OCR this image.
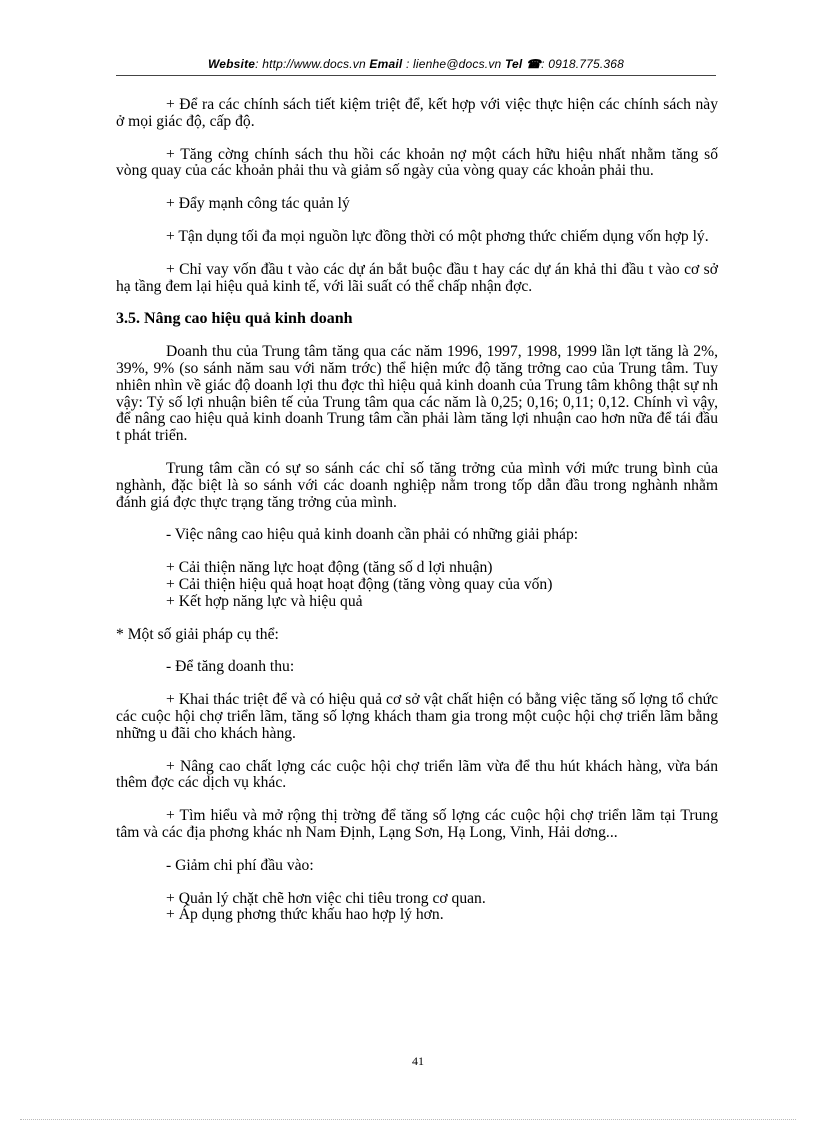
Website: http://www.docs.vn Email : lienhe@docs.vn Tel ☎: 0918.775.368

+ Để ra các chính sách tiết kiệm triệt để, kết hợp với việc thực hiện các chính sách này ở mọi giác độ, cấp độ.

+ Tăng cờng chính sách thu hồi các khoản nợ một cách hữu hiệu nhất nhằm tăng số vòng quay của các khoản phải thu và giảm số ngày của vòng quay các khoản phải thu.

+ Đẩy mạnh công tác quản lý

+ Tận dụng tối đa mọi nguồn lực đồng thời có một phơng thức chiếm dụng vốn hợp lý.

+ Chỉ vay vốn đầu t vào các dự án bắt buộc đầu t hay các dự án khả thi đầu t vào cơ sở hạ tầng đem lại hiệu quả kinh tế, với lãi suất có thể chấp nhận đợc.

3.5. Nâng cao hiệu quả kinh doanh

Doanh thu của Trung tâm tăng qua các năm 1996, 1997, 1998, 1999 lần lợt tăng là 2%, 39%, 9% (so sánh năm sau với năm trớc) thể hiện mức độ tăng trởng cao của Trung tâm. Tuy nhiên nhìn về giác độ doanh lợi thu đợc thì hiệu quả kinh doanh của Trung tâm không thật sự nh vậy: Tỷ số lợi nhuận biên tế của Trung tâm qua các năm là 0,25; 0,16; 0,11; 0,12. Chính vì vậy, để nâng cao hiệu quả kinh doanh Trung tâm cần phải làm tăng lợi nhuận cao hơn nữa để tái đầu t phát triển.

Trung tâm cần có sự so sánh các chỉ số tăng trởng của mình với mức trung bình của nghành, đặc biệt là so sánh với các doanh nghiệp nằm trong tốp dẫn đầu trong nghành nhằm đánh giá đợc thực trạng tăng trởng của mình.

- Việc nâng cao hiệu quả kinh doanh cần phải có những giải pháp:

+ Cải thiện năng lực hoạt động (tăng số d lợi nhuận)
+ Cải thiện hiệu quả hoạt hoạt động (tăng vòng quay của vốn)
+ Kết hợp năng lực và hiệu quả

* Một số giải pháp cụ thể:

- Để tăng doanh thu:

+ Khai thác triệt để và có hiệu quả cơ sở vật chất hiện có bằng việc tăng số lợng tổ chức các cuộc hội chợ triển lãm, tăng số lợng khách tham gia trong một cuộc hội chợ triển lãm bằng những u đãi cho khách hàng.

+ Nâng cao chất lợng các cuộc hội chợ triển lãm vừa để thu hút khách hàng, vừa bán thêm đợc các dịch vụ khác.

+ Tìm hiểu và mở rộng thị trờng để tăng số lợng các cuộc hội chợ triển lãm tại Trung tâm và các địa phơng khác nh Nam Định, Lạng Sơn, Hạ Long, Vinh, Hải dơng...

- Giảm chi phí đầu vào:

+ Quản lý chặt chẽ hơn việc chi tiêu trong cơ quan.
+ Áp dụng phơng thức khấu hao hợp lý hơn.
41
